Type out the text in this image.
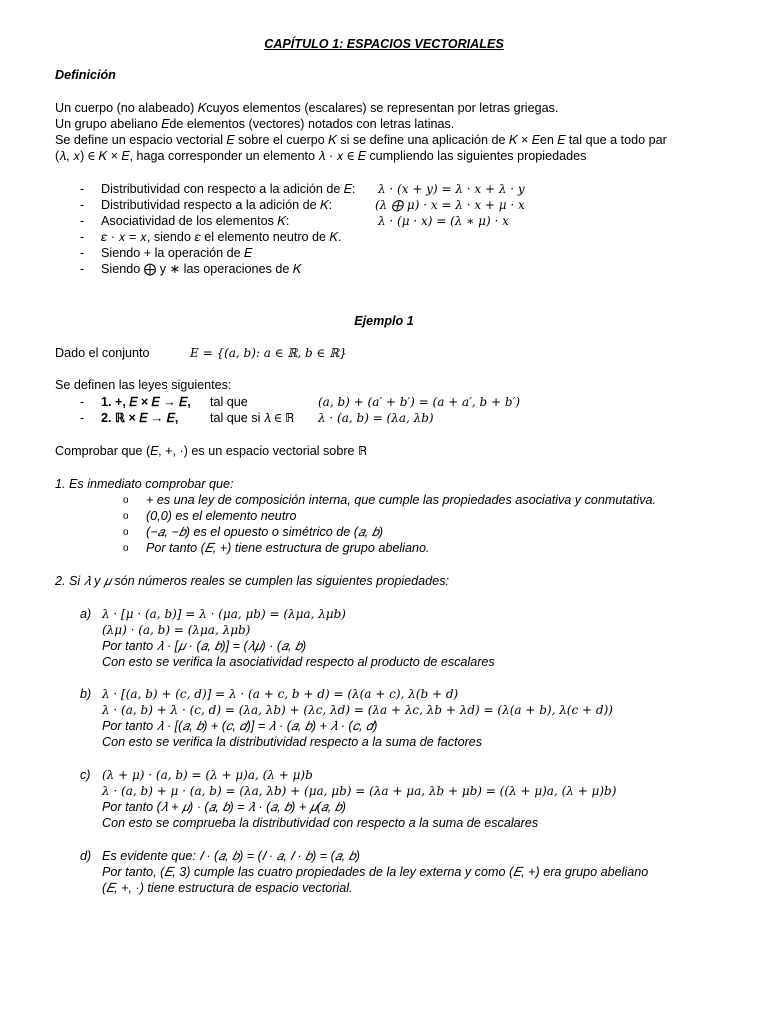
CAPÍTULO 1: ESPACIOS VECTORIALES
Definición
Un cuerpo (no alabeado) 𝐾cuyos elementos (escalares) se representan por letras griegas.
Un grupo abeliano 𝐸de elementos (vectores) notados con letras latinas.
Se define un espacio vectorial 𝐸 sobre el cuerpo 𝐾 si se define una aplicación de 𝐾 × 𝐸en 𝐸 tal que a todo par
(𝜆, 𝑥) ∈ 𝐾 × 𝐸, haga corresponder un elemento 𝜆 · 𝑥 ∈ 𝐸 cumpliendo las siguientes propiedades
- Distributividad con respecto a la adición de 𝐸: 𝜆 · (𝑥 + 𝑦) = 𝜆 · 𝑥 + 𝜆 · 𝑦
- Distributividad respecto a la adición de 𝐾:	(𝜆 ⨁ 𝜇) · 𝑥 = 𝜆 · 𝑥 + 𝜇 · 𝑥
- Asociatividad de los elementos 𝐾:	𝜆 · (𝜇 · 𝑥) = (𝜆 ∗ 𝜇) · 𝑥
- 𝜀 · 𝑥 = 𝑥, siendo 𝜀 el elemento neutro de 𝐾.
- Siendo + la operación de 𝐸
- Siendo ⨁ y ∗ las operaciones de 𝐾
Ejemplo 1
Dado el conjunto	𝐸 = {(𝑎, 𝑏): 𝑎 ∈ ℝ, 𝑏 ∈ ℝ}
Se definen las leyes siguientes:
- 1. +, 𝐸 × 𝐸 → 𝐸, tal que	(𝑎, 𝑏) + (𝑎′ + 𝑏′) = (𝑎 + 𝑎′, 𝑏 + 𝑏′)
- 2. ℝ × 𝐸 → 𝐸,	tal que si 𝜆 ∈ ℝ 𝜆 · (𝑎, 𝑏) = (𝜆𝑎, 𝜆𝑏)
Comprobar que (𝐸, +, ·) es un espacio vectorial sobre ℝ
1. Es inmediato comprobar que:
o + es una ley de composición interna, que cumple las propiedades asociativa y conmutativa.
o (0,0) es el elemento neutro
o (−𝑎, −𝑏) es el opuesto o simétrico de (𝑎, 𝑏)
o Por tanto (𝐸, +) tiene estructura de grupo abeliano.
2. Si 𝜆 y 𝜇 són números reales se cumplen las siguientes propiedades:
a) 𝜆 · [𝜇 · (𝑎, 𝑏)] = 𝜆 · (𝜇𝑎, 𝜇𝑏) = (𝜆𝜇𝑎, 𝜆𝜇𝑏)
(𝜆𝜇) · (𝑎, 𝑏) = (𝜆𝜇𝑎, 𝜆𝜇𝑏)
Por tanto 𝜆 · [𝜇 · (𝑎, 𝑏)] = (𝜆𝜇) · (𝑎, 𝑏)
Con esto se verifica la asociatividad respecto al producto de escalares
b) 𝜆 · [(𝑎, 𝑏) + (𝑐, 𝑑)] = 𝜆 · (𝑎 + 𝑐, 𝑏 + 𝑑) = (𝜆(𝑎 + 𝑐), 𝜆(𝑏 + 𝑑)
𝜆 · (𝑎, 𝑏) + 𝜆 · (𝑐, 𝑑) = (𝜆𝑎, 𝜆𝑏) + (𝜆𝑐, 𝜆𝑑) = (𝜆𝑎 + 𝜆𝑐, 𝜆𝑏 + 𝜆𝑑) = (𝜆(𝑎 + 𝑏), 𝜆(𝑐 + 𝑑))
Por tanto 𝜆 · [(𝑎, 𝑏) + (𝑐, 𝑑)] = 𝜆 · (𝑎, 𝑏) + 𝜆 · (𝑐, 𝑑)
Con esto se verifica la distributividad respecto a la suma de factores
c) (𝜆 + 𝜇) · (𝑎, 𝑏) = (𝜆 + 𝜇)𝑎, (𝜆 + 𝜇)𝑏
𝜆 · (𝑎, 𝑏) + 𝜇 · (𝑎, 𝑏) = (𝜆𝑎, 𝜆𝑏) + (𝜇𝑎, 𝜇𝑏) = (𝜆𝑎 + 𝜇𝑎, 𝜆𝑏 + 𝜇𝑏) = ((𝜆 + 𝜇)𝑎, (𝜆 + 𝜇)𝑏)
Por tanto (𝜆 + 𝜇) · (𝑎, 𝑏) = 𝜆 · (𝑎, 𝑏) + 𝜇(𝑎, 𝑏)
Con esto se comprueba la distributividad con respecto a la suma de escalares
d) Es evidente que: 𝐼 · (𝑎, 𝑏) = (𝐼 · 𝑎, 𝐼 · 𝑏) = (𝑎, 𝑏)
Por tanto, (𝐸, 3) cumple las cuatro propiedades de la ley externa y como (𝐸, +) era grupo abeliano
(𝐸, +, ·) tiene estructura de espacio vectorial.
